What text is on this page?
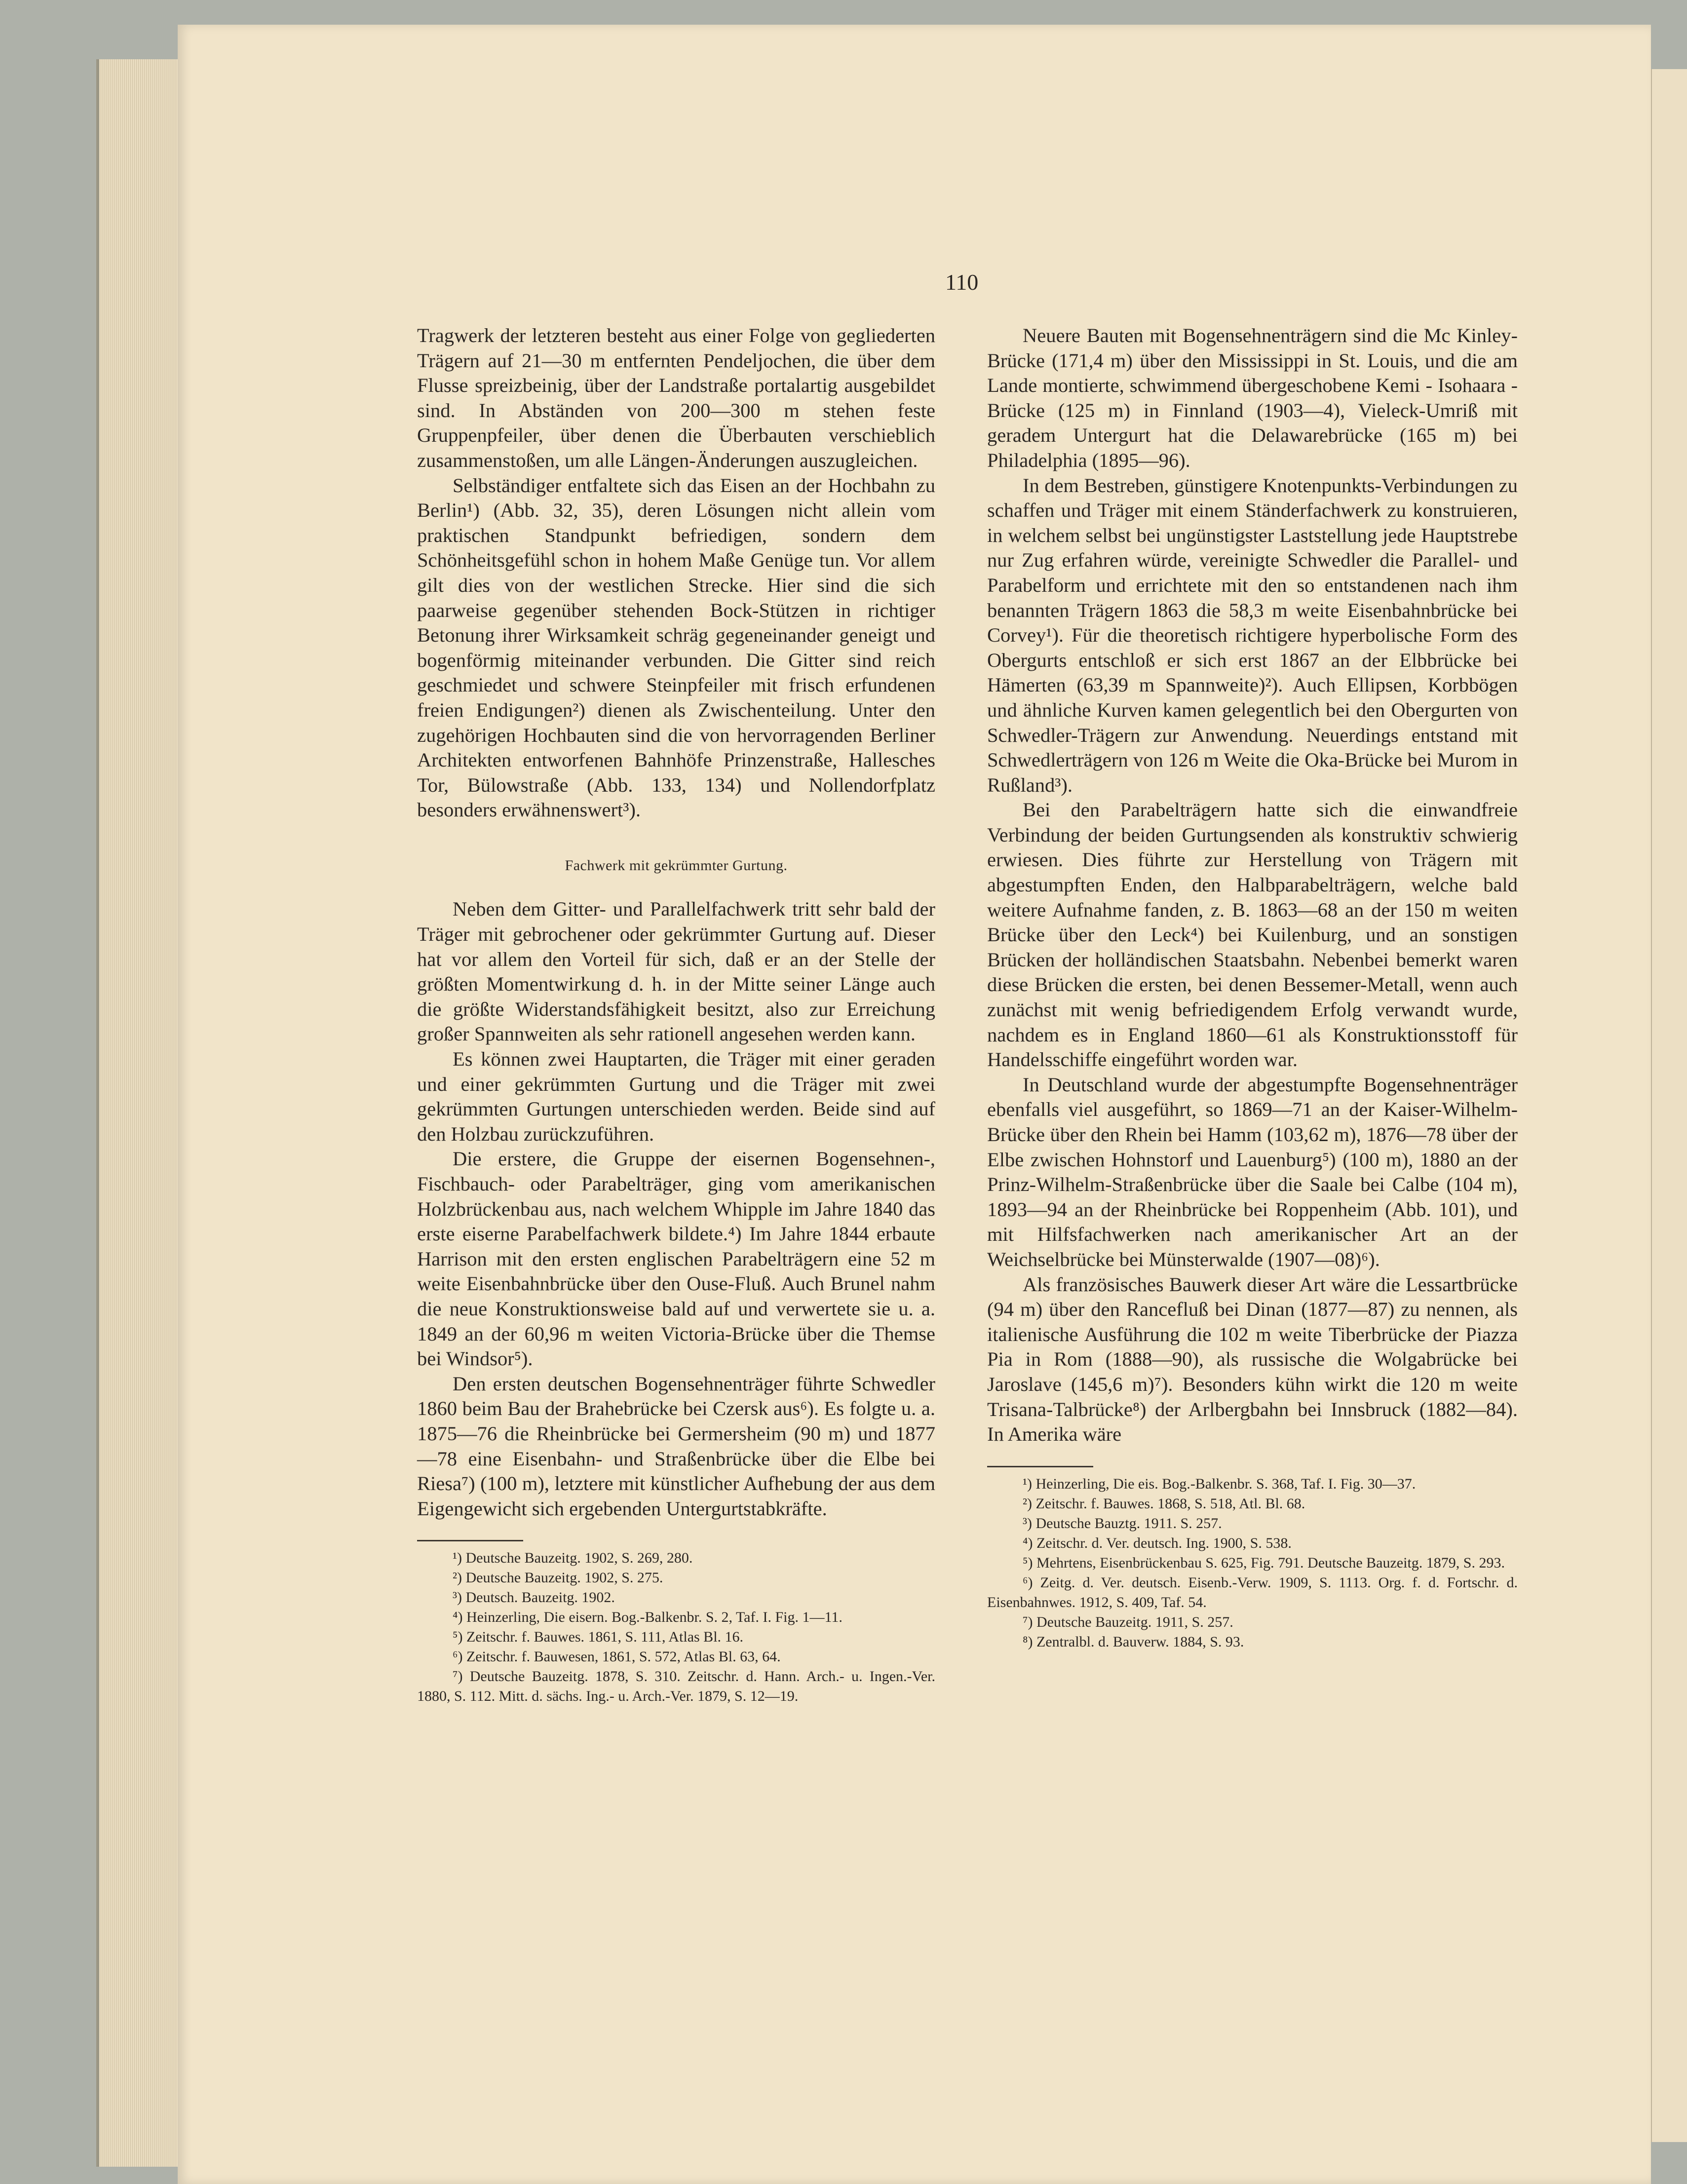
110

Tragwerk der letzteren besteht aus einer Folge von gegliederten Trägern auf 21—30 m entfernten Pendeljochen, die über dem Flusse spreizbeinig, über der Landstraße portalartig ausgebildet sind. In Abständen von 200—300 m stehen feste Gruppenpfeiler, über denen die Überbauten verschieblich zusammenstoßen, um alle Längen-Änderungen auszugleichen.

Selbständiger entfaltete sich das Eisen an der Hochbahn zu Berlin¹) (Abb. 32, 35), deren Lösungen nicht allein vom praktischen Standpunkt befriedigen, sondern dem Schönheitsgefühl schon in hohem Maße Genüge tun. Vor allem gilt dies von der westlichen Strecke. Hier sind die sich paarweise gegenüber stehenden Bock-Stützen in richtiger Betonung ihrer Wirksamkeit schräg gegeneinander geneigt und bogenförmig miteinander verbunden. Die Gitter sind reich geschmiedet und schwere Steinpfeiler mit frisch erfundenen freien Endigungen²) dienen als Zwischenteilung. Unter den zugehörigen Hochbauten sind die von hervorragenden Berliner Architekten entworfenen Bahnhöfe Prinzenstraße, Hallesches Tor, Bülowstraße (Abb. 133, 134) und Nollendorfplatz besonders erwähnenswert³).

Fachwerk mit gekrümmter Gurtung.

Neben dem Gitter- und Parallelfachwerk tritt sehr bald der Träger mit gebrochener oder gekrümmter Gurtung auf. Dieser hat vor allem den Vorteil für sich, daß er an der Stelle der größten Momentwirkung d. h. in der Mitte seiner Länge auch die größte Widerstandsfähigkeit besitzt, also zur Erreichung großer Spannweiten als sehr rationell angesehen werden kann.

Es können zwei Hauptarten, die Träger mit einer geraden und einer gekrümmten Gurtung und die Träger mit zwei gekrümmten Gurtungen unterschieden werden. Beide sind auf den Holzbau zurückzuführen.

Die erstere, die Gruppe der eisernen Bogensehnen-, Fischbauch- oder Parabelträger, ging vom amerikanischen Holzbrückenbau aus, nach welchem Whipple im Jahre 1840 das erste eiserne Parabelfachwerk bildete.⁴) Im Jahre 1844 erbaute Harrison mit den ersten englischen Parabelträgern eine 52 m weite Eisenbahnbrücke über den Ouse-Fluß. Auch Brunel nahm die neue Konstruktionsweise bald auf und verwertete sie u. a. 1849 an der 60,96 m weiten Victoria-Brücke über die Themse bei Windsor⁵).

Den ersten deutschen Bogensehnenträger führte Schwedler 1860 beim Bau der Brahebrücke bei Czersk aus⁶). Es folgte u. a. 1875—76 die Rheinbrücke bei Germersheim (90 m) und 1877—78 eine Eisenbahn- und Straßenbrücke über die Elbe bei Riesa⁷) (100 m), letztere mit künstlicher Aufhebung der aus dem Eigengewicht sich ergebenden Untergurtstabkräfte.

¹) Deutsche Bauzeitg. 1902, S. 269, 280.

²) Deutsche Bauzeitg. 1902, S. 275.

³) Deutsch. Bauzeitg. 1902.

⁴) Heinzerling, Die eisern. Bog.-Balkenbr. S. 2, Taf. I. Fig. 1—11.

⁵) Zeitschr. f. Bauwes. 1861, S. 111, Atlas Bl. 16.

⁶) Zeitschr. f. Bauwesen, 1861, S. 572, Atlas Bl. 63, 64.

⁷) Deutsche Bauzeitg. 1878, S. 310. Zeitschr. d. Hann. Arch.- u. Ingen.-Ver. 1880, S. 112. Mitt. d. sächs. Ing.- u. Arch.-Ver. 1879, S. 12—19.

Neuere Bauten mit Bogensehnenträgern sind die Mc Kinley-Brücke (171,4 m) über den Mississippi in St. Louis, und die am Lande montierte, schwimmend übergeschobene Kemi - Isohaara - Brücke (125 m) in Finnland (1903—4), Vieleck-Umriß mit geradem Untergurt hat die Delawarebrücke (165 m) bei Philadelphia (1895—96).

In dem Bestreben, günstigere Knotenpunkts-Verbindungen zu schaffen und Träger mit einem Ständerfachwerk zu konstruieren, in welchem selbst bei ungünstigster Laststellung jede Hauptstrebe nur Zug erfahren würde, vereinigte Schwedler die Parallel- und Parabelform und errichtete mit den so entstandenen nach ihm benannten Trägern 1863 die 58,3 m weite Eisenbahnbrücke bei Corvey¹). Für die theoretisch richtigere hyperbolische Form des Obergurts entschloß er sich erst 1867 an der Elbbrücke bei Hämerten (63,39 m Spannweite)²). Auch Ellipsen, Korbbögen und ähnliche Kurven kamen gelegentlich bei den Obergurten von Schwedler-Trägern zur Anwendung. Neuerdings entstand mit Schwedlerträgern von 126 m Weite die Oka-Brücke bei Murom in Rußland³).

Bei den Parabelträgern hatte sich die einwandfreie Verbindung der beiden Gurtungsenden als konstruktiv schwierig erwiesen. Dies führte zur Herstellung von Trägern mit abgestumpften Enden, den Halbparabelträgern, welche bald weitere Aufnahme fanden, z. B. 1863—68 an der 150 m weiten Brücke über den Leck⁴) bei Kuilenburg, und an sonstigen Brücken der holländischen Staatsbahn. Nebenbei bemerkt waren diese Brücken die ersten, bei denen Bessemer-Metall, wenn auch zunächst mit wenig befriedigendem Erfolg verwandt wurde, nachdem es in England 1860—61 als Konstruktionsstoff für Handelsschiffe eingeführt worden war.

In Deutschland wurde der abgestumpfte Bogensehnenträger ebenfalls viel ausgeführt, so 1869—71 an der Kaiser-Wilhelm-Brücke über den Rhein bei Hamm (103,62 m), 1876—78 über der Elbe zwischen Hohnstorf und Lauenburg⁵) (100 m), 1880 an der Prinz-Wilhelm-Straßenbrücke über die Saale bei Calbe (104 m), 1893—94 an der Rheinbrücke bei Roppenheim (Abb. 101), und mit Hilfsfachwerken nach amerikanischer Art an der Weichselbrücke bei Münsterwalde (1907—08)⁶).

Als französisches Bauwerk dieser Art wäre die Lessartbrücke (94 m) über den Rancefluß bei Dinan (1877—87) zu nennen, als italienische Ausführung die 102 m weite Tiberbrücke der Piazza Pia in Rom (1888—90), als russische die Wolgabrücke bei Jaroslave (145,6 m)⁷). Besonders kühn wirkt die 120 m weite Trisana-Talbrücke⁸) der Arlbergbahn bei Innsbruck (1882—84). In Amerika wäre

¹) Heinzerling, Die eis. Bog.-Balkenbr. S. 368, Taf. I. Fig. 30—37.

²) Zeitschr. f. Bauwes. 1868, S. 518, Atl. Bl. 68.

³) Deutsche Bauztg. 1911. S. 257.

⁴) Zeitschr. d. Ver. deutsch. Ing. 1900, S. 538.

⁵) Mehrtens, Eisenbrückenbau S. 625, Fig. 791. Deutsche Bauzeitg. 1879, S. 293.

⁶) Zeitg. d. Ver. deutsch. Eisenb.-Verw. 1909, S. 1113. Org. f. d. Fortschr. d. Eisenbahnwes. 1912, S. 409, Taf. 54.

⁷) Deutsche Bauzeitg. 1911, S. 257.

⁸) Zentralbl. d. Bauverw. 1884, S. 93.
